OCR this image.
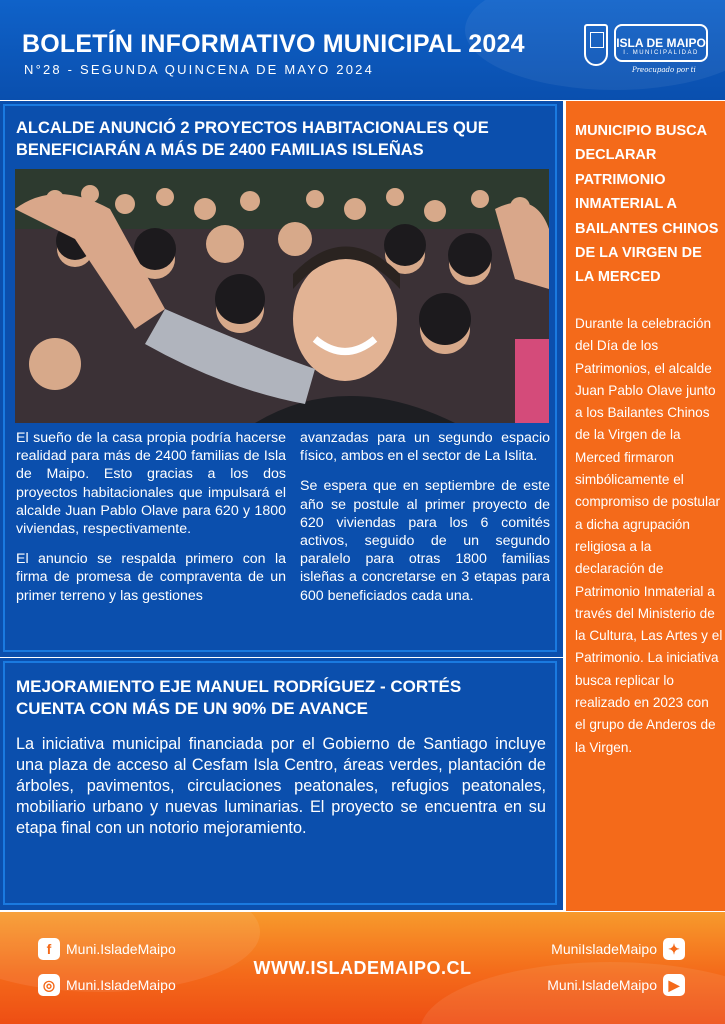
BOLETÍN INFORMATIVO MUNICIPAL 2024
N°28 - SEGUNDA QUINCENA DE MAYO 2024
ISLA DE MAIPO
I. MUNICIPALIDAD
Preocupado por ti
ALCALDE ANUNCIÓ 2 PROYECTOS HABITACIONALES QUE
BENEFICIARÁN A MÁS DE 2400 FAMILIAS ISLEÑAS

El sueño de la casa propia podría hacerse realidad para más de 2400 familias de Isla de Maipo. Esto gracias a los dos proyectos habitacionales que impulsará el alcalde Juan Pablo Olave para 620 y 1800 viviendas, respectivamente.

El anuncio se respalda primero con la firma de promesa de compraventa de un primer terreno y las gestiones

avanzadas para un segundo espacio físico, ambos en el sector de La Islita.

Se espera que en septiembre de este año se postule al primer proyecto de 620 viviendas para los 6 comités activos, seguido de un segundo paralelo para otras 1800 familias isleñas a concretarse en 3 etapas para 600 beneficiados cada una.

MEJORAMIENTO EJE MANUEL RODRÍGUEZ - CORTÉS
CUENTA CON MÁS DE UN 90% DE AVANCE

La iniciativa municipal financiada por el Gobierno de Santiago incluye una plaza de acceso al Cesfam Isla Centro, áreas verdes, plantación de árboles, pavimentos, circulaciones peatonales, refugios peatonales, mobiliario urbano y nuevas luminarias. El proyecto se encuentra en su etapa final con un notorio mejoramiento.

MUNICIPIO BUSCA DECLARAR PATRIMONIO INMATERIAL A BAILANTES CHINOS DE LA VIRGEN DE LA MERCED

Durante la celebración del Día de los Patrimonios, el alcalde Juan Pablo Olave junto a los Bailantes Chinos de la Virgen de la Merced firmaron simbólicamente el compromiso de postular a dicha agrupación religiosa a la declaración de Patrimonio Inmaterial a través del Ministerio de la Cultura, Las Artes y el Patrimonio. La iniciativa busca replicar lo realizado en 2023 con el grupo de Anderos de la Virgen.

f	Muni.IsladeMaipo
◎ Muni.IsladeMaipo
WWW.ISLADEMAIPO.CL
MuniIsladeMaipo ✦
Muni.IsladeMaipo ▶
